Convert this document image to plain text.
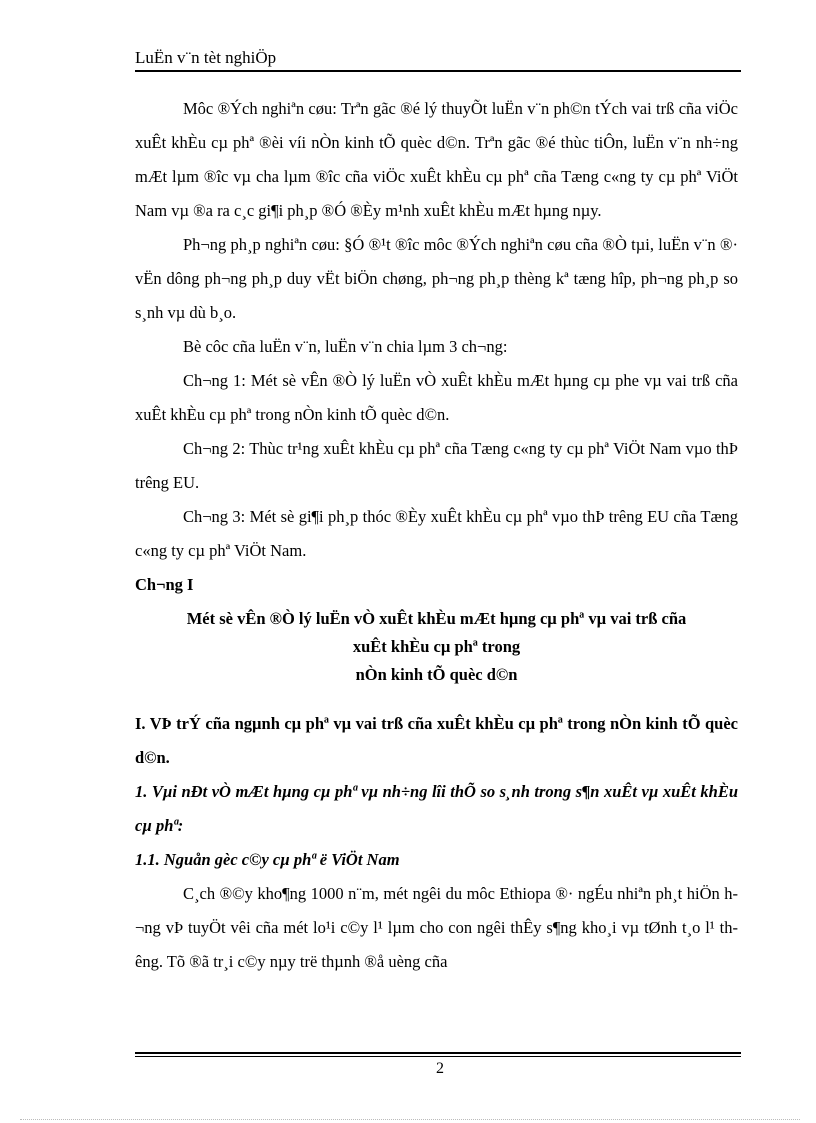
LuËn v¨n tèt nghiÖp

Môc ®Ých nghiªn cøu: Trªn gãc ®é lý thuyÕt luËn v¨n ph©n tÝch vai trß cña viÖc xuÊt khÈu cµ phª ®èi víi nÒn kinh tÕ quèc d©n. Trªn gãc ®é thùc tiÔn, luËn v¨n nh÷ng mÆt lµm ®îc vµ cha lµm ®îc cña viÖc xuÊt khÈu cµ phª cña Tæng c«ng ty cµ phª ViÖt Nam vµ ®a ra c¸c gi¶i ph¸p ®Ó ®Èy m¹nh xuÊt khÈu mÆt hµng nµy.

Ph¬ng ph¸p nghiªn cøu: §Ó ®¹t ®îc môc ®Ých nghiªn cøu cña ®Ò tµi, luËn v¨n ®· vËn dông ph¬ng ph¸p duy vËt biÖn chøng, ph¬ng ph¸p thèng kª tæng hîp, ph¬ng ph¸p so s¸nh vµ dù b¸o.

Bè côc cña luËn v¨n, luËn v¨n chia lµm 3 ch¬ng:

Ch¬ng 1: Mét sè vÊn ®Ò lý luËn vÒ xuÊt khÈu mÆt hµng cµ phe vµ vai trß cña xuÊt khÈu cµ phª trong nÒn kinh tÕ quèc d©n.

Ch¬ng 2: Thùc tr¹ng xuÊt khÈu cµ phª cña Tæng c«ng ty cµ phª ViÖt Nam vµo thÞ trêng EU.

Ch¬ng 3: Mét sè gi¶i ph¸p thóc ®Èy xuÊt khÈu cµ phª vµo thÞ trêng EU cña Tæng c«ng ty cµ phª ViÖt Nam.

Ch¬ng I

Mét sè vÊn ®Ò lý luËn vÒ xuÊt khÈu mÆt hµng cµ phª vµ vai trß cña

xuÊt khÈu cµ phª trong

nÒn kinh tÕ quèc d©n

I. VÞ trÝ cña ngµnh cµ phª vµ vai trß cña xuÊt khÈu cµ phª trong nÒn kinh tÕ quèc d©n.

1. Vµi nÐt vÒ mÆt hµng cµ phª vµ nh÷ng lîi thÕ so s¸nh trong s¶n xuÊt vµ xuÊt khÈu cµ phª:

1.1. Nguån gèc c©y cµ phª ë ViÖt Nam

C¸ch ®©y kho¶ng 1000 n¨m, mét ngêi du môc Ethiopa ®· ngÉu nhiªn ph¸t hiÖn h¬ng vÞ tuyÖt vêi cña mét lo¹i c©y l¹ lµm cho con ngêi thÊy s¶ng kho¸i vµ tØnh t¸o l¹ thêng. Tõ ®ã tr¸i c©y nµy trë thµnh ®å uèng cña

2
